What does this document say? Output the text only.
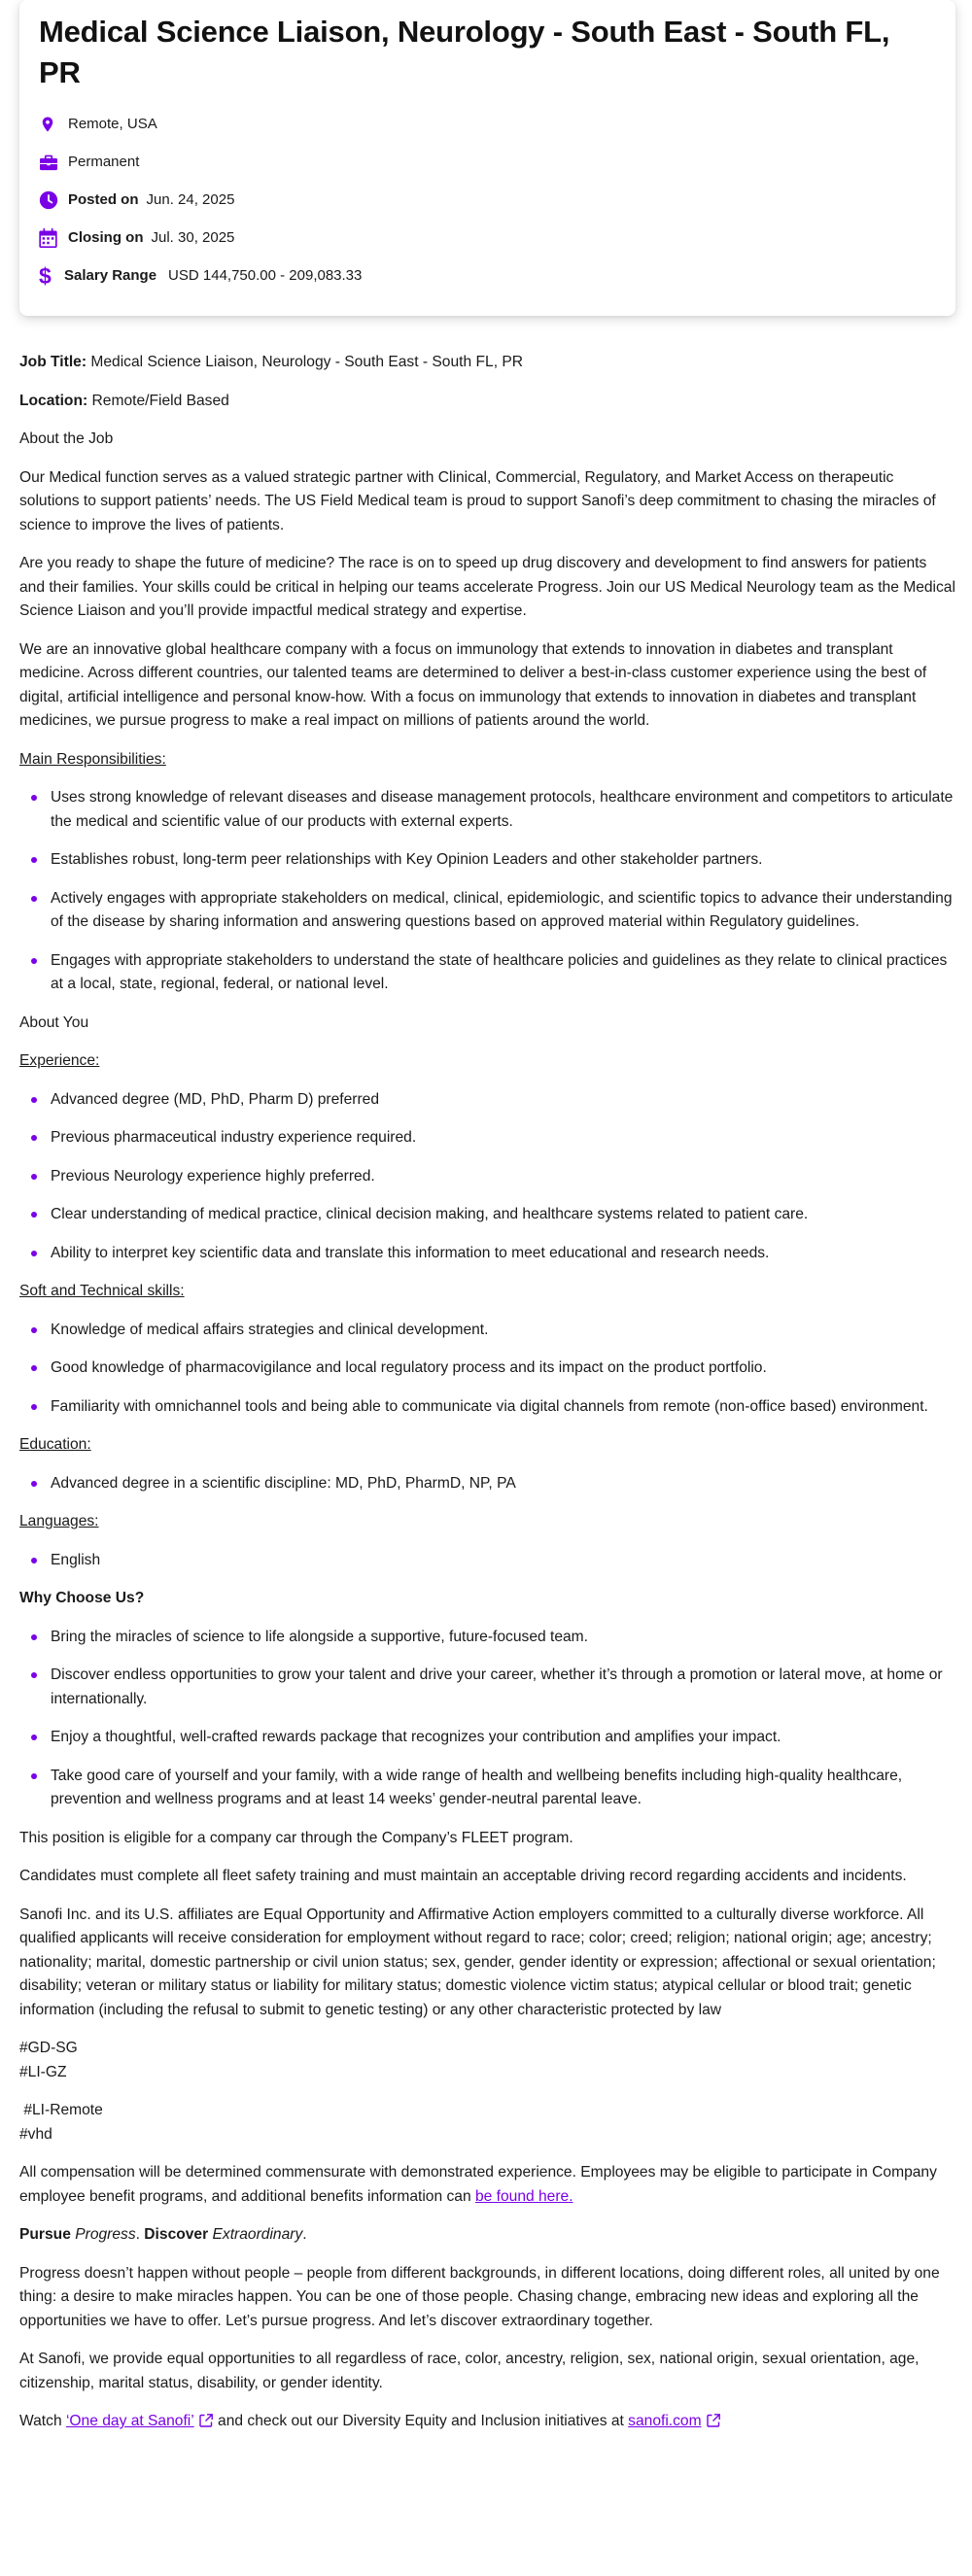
Medical Science Liaison, Neurology - South East - South FL, PR
Remote, USA
Permanent
Posted on Jun. 24, 2025
Closing on Jul. 30, 2025
$ Salary Range USD 144,750.00 - 209,083.33

Job Title: Medical Science Liaison, Neurology - South East - South FL, PR

Location: Remote/Field Based

About the Job

Our Medical function serves as a valued strategic partner with Clinical, Commercial, Regulatory, and Market Access on therapeutic solutions to support patients’ needs. The US Field Medical team is proud to support Sanofi’s deep commitment to chasing the miracles of science to improve the lives of patients.

Are you ready to shape the future of medicine? The race is on to speed up drug discovery and development to find answers for patients and their families. Your skills could be critical in helping our teams accelerate Progress. Join our US Medical Neurology team as the Medical Science Liaison and you’ll provide impactful medical strategy and expertise.

We are an innovative global healthcare company with a focus on immunology that extends to innovation in diabetes and transplant medicine. Across different countries, our talented teams are determined to deliver a best-in-class customer experience using the best of digital, artificial intelligence and personal know-how. With a focus on immunology that extends to innovation in diabetes and transplant medicines, we pursue progress to make a real impact on millions of patients around the world.

Main Responsibilities:

Uses strong knowledge of relevant diseases and disease management protocols, healthcare environment and competitors to articulate the medical and scientific value of our products with external experts.
Establishes robust, long-term peer relationships with Key Opinion Leaders and other stakeholder partners.
Actively engages with appropriate stakeholders on medical, clinical, epidemiologic, and scientific topics to advance their understanding of the disease by sharing information and answering questions based on approved material within Regulatory guidelines.
Engages with appropriate stakeholders to understand the state of healthcare policies and guidelines as they relate to clinical practices at a local, state, regional, federal, or national level.

About You

Experience:

Advanced degree (MD, PhD, Pharm D) preferred
Previous pharmaceutical industry experience required.
Previous Neurology experience highly preferred.
Clear understanding of medical practice, clinical decision making, and healthcare systems related to patient care.
Ability to interpret key scientific data and translate this information to meet educational and research needs.

Soft and Technical skills:

Knowledge of medical affairs strategies and clinical development.
Good knowledge of pharmacovigilance and local regulatory process and its impact on the product portfolio.
Familiarity with omnichannel tools and being able to communicate via digital channels from remote (non-office based) environment.

Education:

Advanced degree in a scientific discipline: MD, PhD, PharmD, NP, PA

Languages:

English

Why Choose Us?

Bring the miracles of science to life alongside a supportive, future-focused team.
Discover endless opportunities to grow your talent and drive your career, whether it’s through a promotion or lateral move, at home or internationally.
Enjoy a thoughtful, well-crafted rewards package that recognizes your contribution and amplifies your impact.
Take good care of yourself and your family, with a wide range of health and wellbeing benefits including high-quality healthcare, prevention and wellness programs and at least 14 weeks’ gender-neutral parental leave.

This position is eligible for a company car through the Company’s FLEET program.

Candidates must complete all fleet safety training and must maintain an acceptable driving record regarding accidents and incidents.

Sanofi Inc. and its U.S. affiliates are Equal Opportunity and Affirmative Action employers committed to a culturally diverse workforce. All qualified applicants will receive consideration for employment without regard to race; color; creed; religion; national origin; age; ancestry; nationality; marital, domestic partnership or civil union status; sex, gender, gender identity or expression; affectional or sexual orientation; disability; veteran or military status or liability for military status; domestic violence victim status; atypical cellular or blood trait; genetic information (including the refusal to submit to genetic testing) or any other characteristic protected by law

#GD-SG

#LI-GZ

#LI-Remote

#vhd

All compensation will be determined commensurate with demonstrated experience. Employees may be eligible to participate in Company employee benefit programs, and additional benefits information can be found here.

Pursue Progress. Discover Extraordinary.

Progress doesn’t happen without people – people from different backgrounds, in different locations, doing different roles, all united by one thing: a desire to make miracles happen. You can be one of those people. Chasing change, embracing new ideas and exploring all the opportunities we have to offer. Let’s pursue progress. And let’s discover extraordinary together.

At Sanofi, we provide equal opportunities to all regardless of race, color, ancestry, religion, sex, national origin, sexual orientation, age, citizenship, marital status, disability, or gender identity.

Watch ‘One day at Sanofi’
and check out our Diversity Equity and Inclusion initiatives at sanofi.com
